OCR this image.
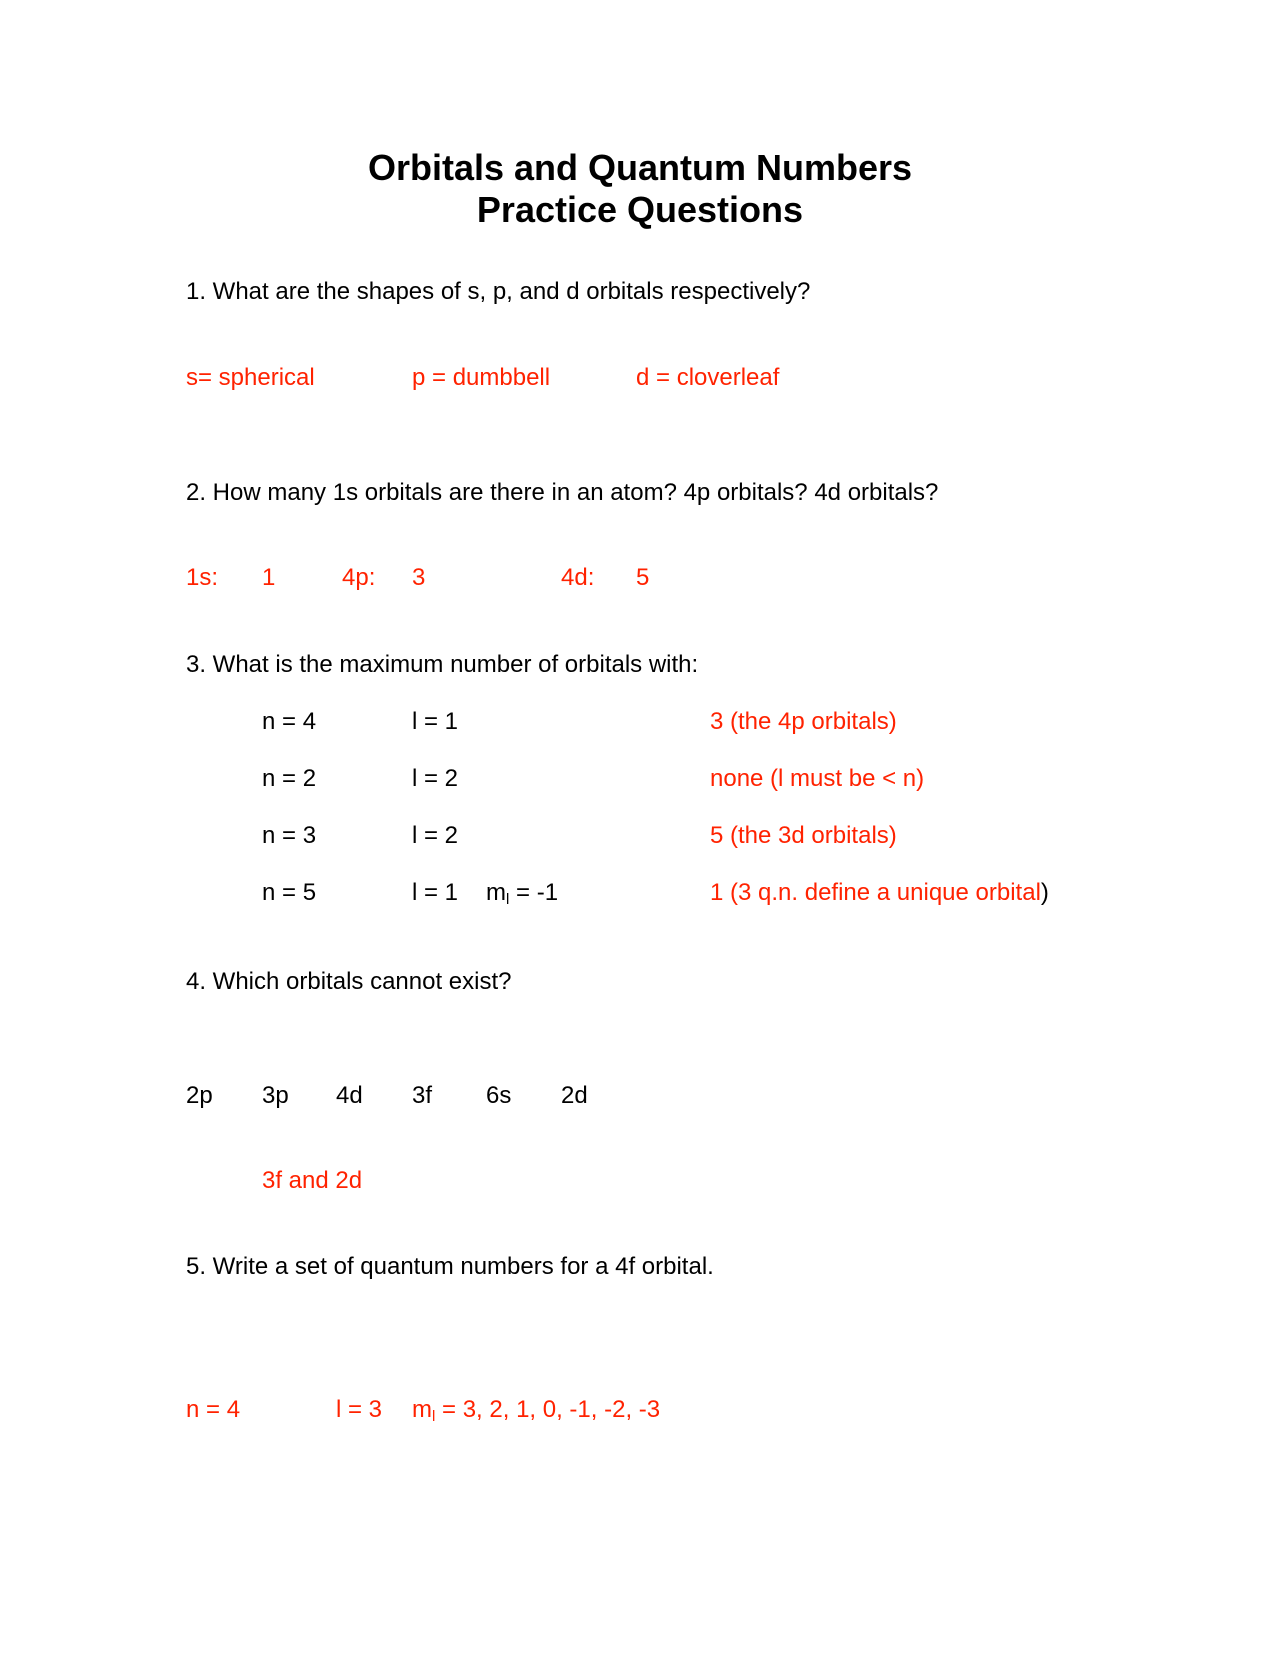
Orbitals and Quantum Numbers
Practice Questions
1. What are the shapes of s, p, and d orbitals respectively?
s= spherical	p = dumbbell	d = cloverleaf
2. How many 1s orbitals are there in an atom? 4p orbitals? 4d orbitals?
1s: 1	4p: 3	4d: 5
3. What is the maximum number of orbitals with:
n = 4	l = 1	3 (the 4p orbitals)
n = 2	l = 2	none (l must be < n)
n = 3	l = 2	5 (the 3d orbitals)
n = 5	l = 1 $m_l = -1$	1 (3 q.n. define a unique orbital)
4. Which orbitals cannot exist?
2p 3p 4d 3f 6s 2d
3f and 2d
5. Write a set of quantum numbers for a 4f orbital.
n = 4	l = 3 $m_l = 3$, 2, 1, 0, -1, -2, -3
